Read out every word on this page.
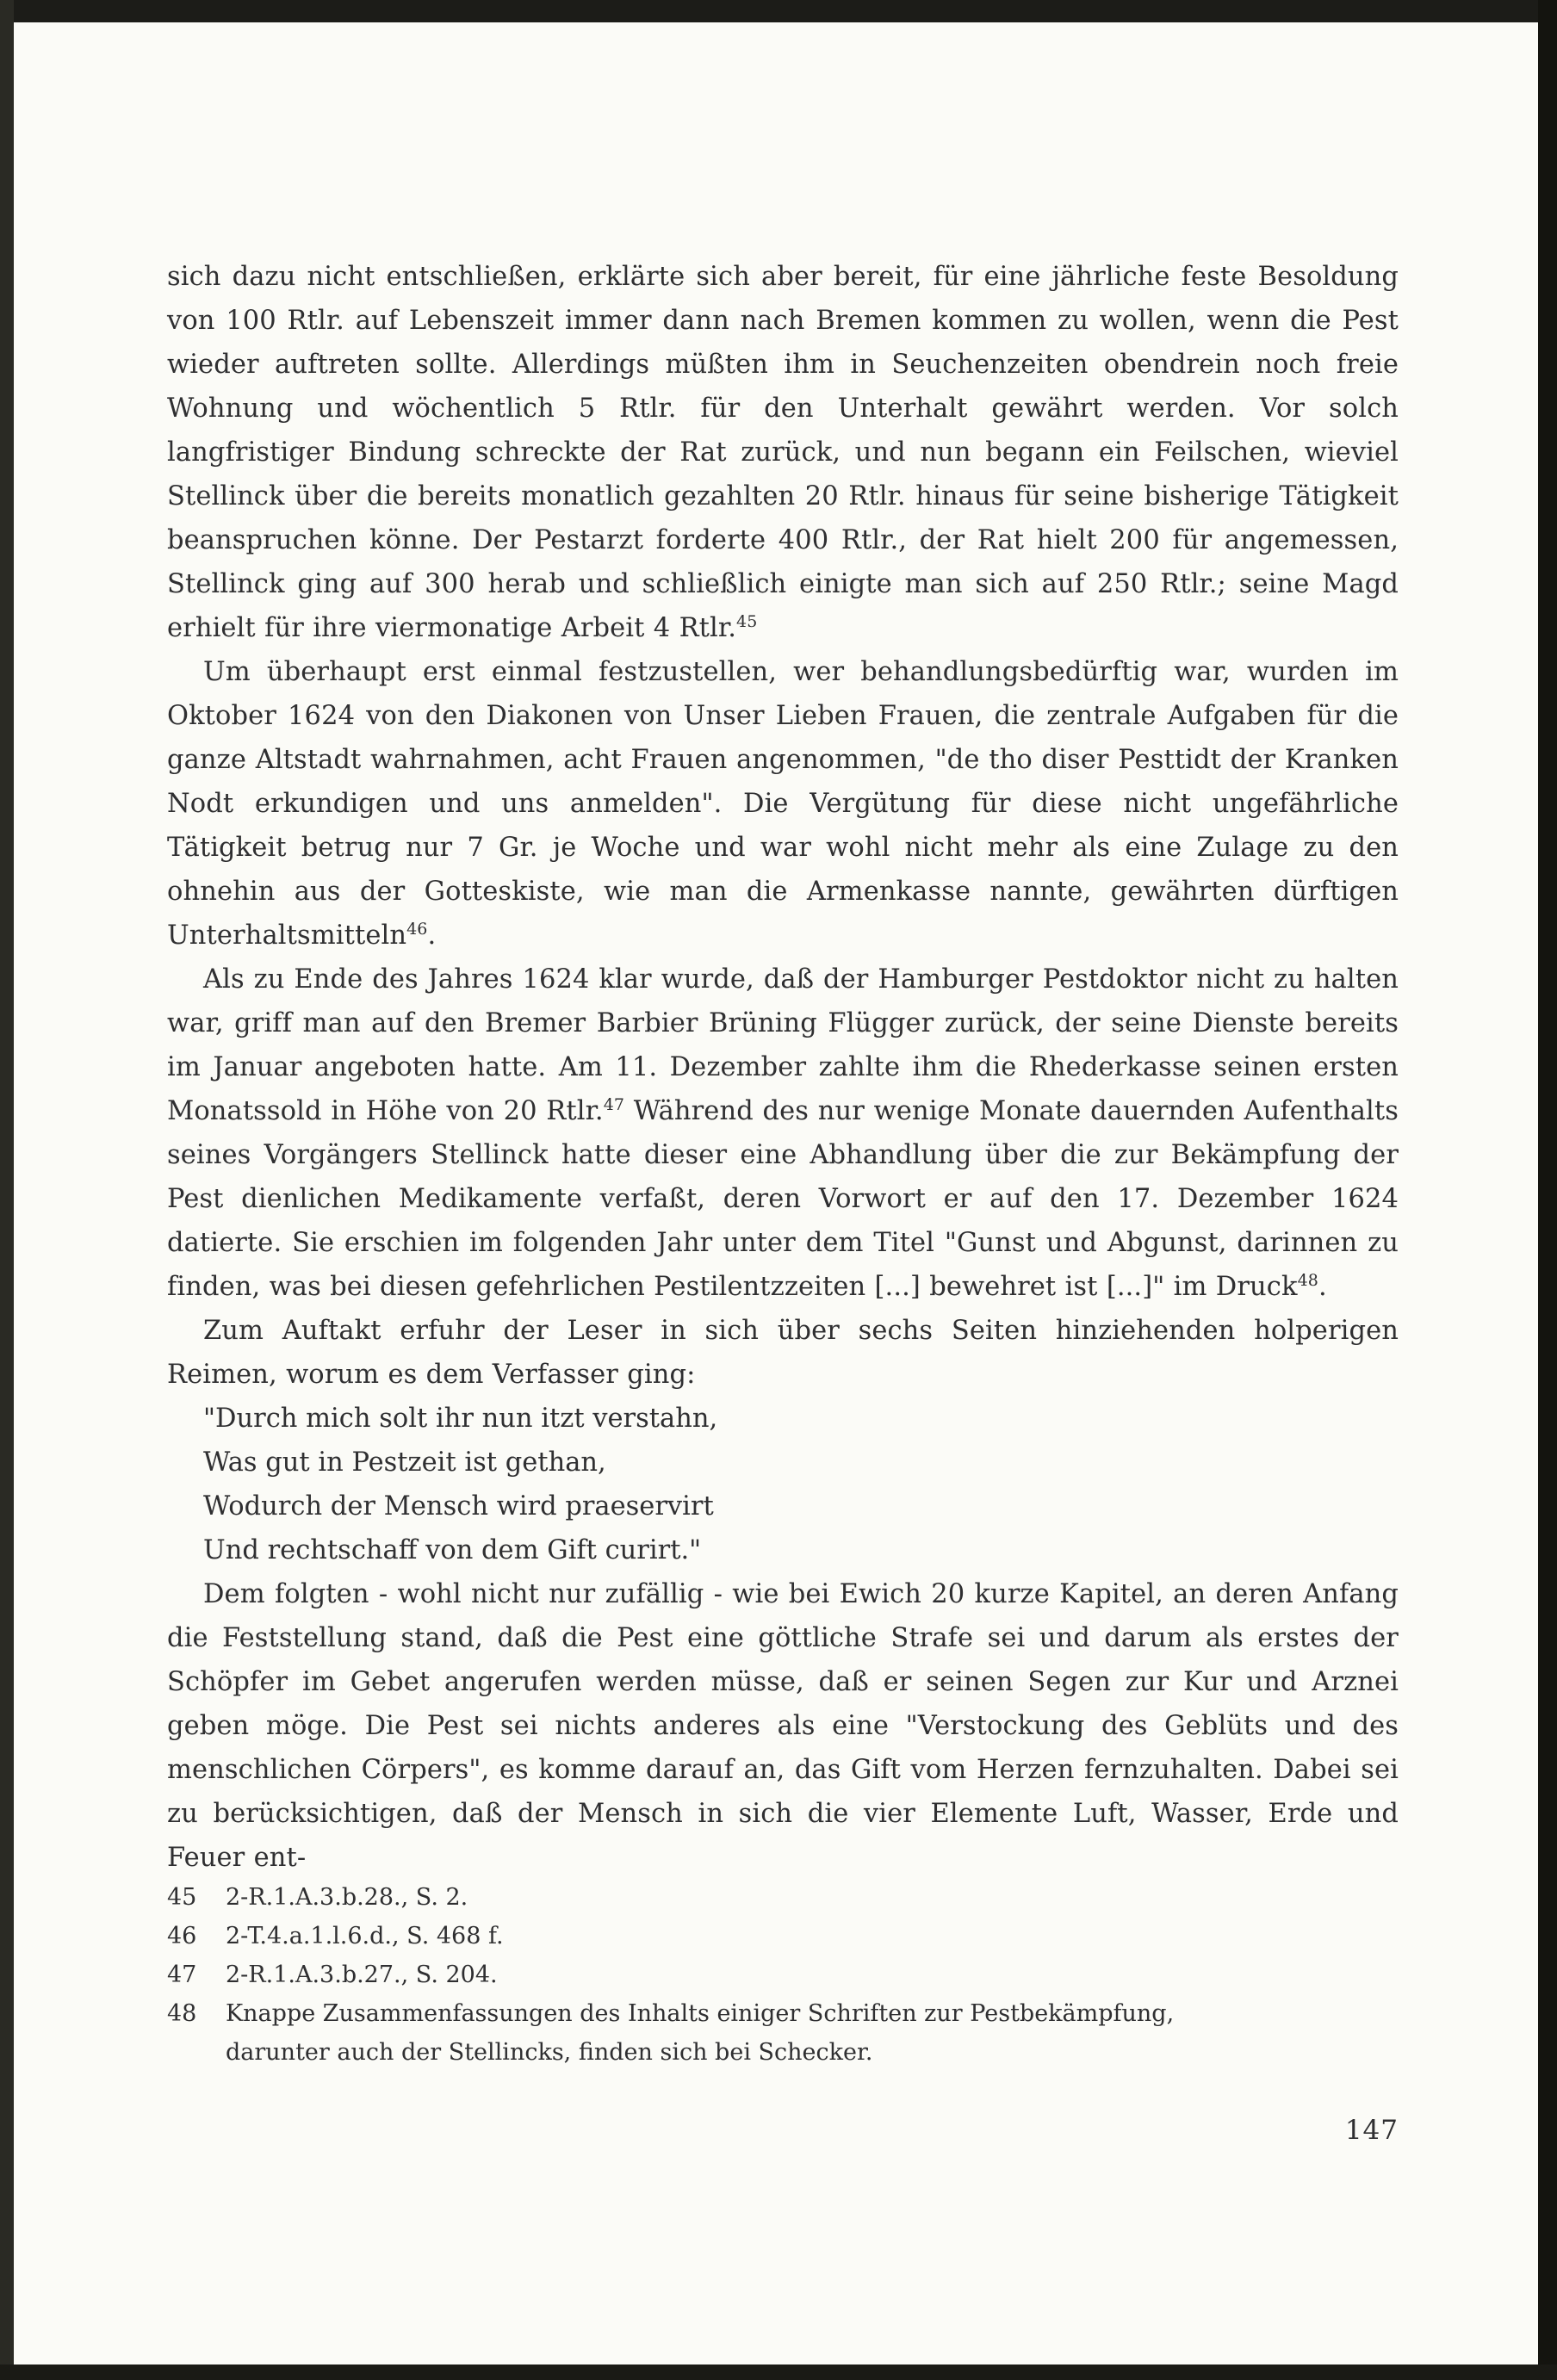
sich dazu nicht entschließen, erklärte sich aber bereit, für eine jährliche feste Besoldung von 100 Rtlr. auf Lebenszeit immer dann nach Bremen kommen zu wollen, wenn die Pest wieder auftreten sollte. Allerdings müßten ihm in Seuchenzeiten obendrein noch freie Wohnung und wöchentlich 5 Rtlr. für den Unterhalt gewährt werden. Vor solch langfristiger Bindung schreckte der Rat zurück, und nun begann ein Feilschen, wieviel Stellinck über die bereits monatlich gezahlten 20 Rtlr. hinaus für seine bisherige Tätigkeit beanspruchen könne. Der Pestarzt forderte 400 Rtlr., der Rat hielt 200 für angemessen, Stellinck ging auf 300 herab und schließlich einigte man sich auf 250 Rtlr.; seine Magd erhielt für ihre viermonatige Arbeit 4 Rtlr.$^{45}$

Um überhaupt erst einmal festzustellen, wer behandlungsbedürftig war, wurden im Oktober 1624 von den Diakonen von Unser Lieben Frauen, die zentrale Aufgaben für die ganze Altstadt wahrnahmen, acht Frauen angenommen, "de tho diser Pesttidt der Kranken Nodt erkundigen und uns anmelden". Die Vergütung für diese nicht ungefährliche Tätigkeit betrug nur 7 Gr. je Woche und war wohl nicht mehr als eine Zulage zu den ohnehin aus der Gotteskiste, wie man die Armenkasse nannte, gewährten dürftigen Unterhaltsmitteln$^{46}$.

Als zu Ende des Jahres 1624 klar wurde, daß der Hamburger Pestdoktor nicht zu halten war, griff man auf den Bremer Barbier Brüning Flügger zurück, der seine Dienste bereits im Januar angeboten hatte. Am 11. Dezember zahlte ihm die Rhederkasse seinen ersten Monatssold in Höhe von 20 Rtlr.$^{47}$ Während des nur wenige Monate dauernden Aufenthalts seines Vorgängers Stellinck hatte dieser eine Abhandlung über die zur Bekämpfung der Pest dienlichen Medikamente verfaßt, deren Vorwort er auf den 17. Dezember 1624 datierte. Sie erschien im folgenden Jahr unter dem Titel "Gunst und Abgunst, darinnen zu finden, was bei diesen gefehrlichen Pestilentzzeiten [...] bewehret ist [...]" im Druck$^{48}$.

Zum Auftakt erfuhr der Leser in sich über sechs Seiten hinziehenden holperigen Reimen, worum es dem Verfasser ging:

"Durch mich solt ihr nun itzt verstahn,
Was gut in Pestzeit ist gethan,
Wodurch der Mensch wird praeservirt
Und rechtschaff von dem Gift curirt."

Dem folgten - wohl nicht nur zufällig - wie bei Ewich 20 kurze Kapitel, an deren Anfang die Feststellung stand, daß die Pest eine göttliche Strafe sei und darum als erstes der Schöpfer im Gebet angerufen werden müsse, daß er seinen Segen zur Kur und Arznei geben möge. Die Pest sei nichts anderes als eine "Verstockung des Geblüts und des menschlichen Cörpers", es komme darauf an, das Gift vom Herzen fernzuhalten. Dabei sei zu berücksichtigen, daß der Mensch in sich die vier Elemente Luft, Wasser, Erde und Feuer ent-

45	2-R.1.A.3.b.28., S. 2.
46	2-T.4.a.1.l.6.d., S. 468 f.
47	2-R.1.A.3.b.27., S. 204.
48	Knappe Zusammenfassungen des Inhalts einiger Schriften zur Pestbekämpfung,
darunter auch der Stellincks, finden sich bei Schecker.
147
